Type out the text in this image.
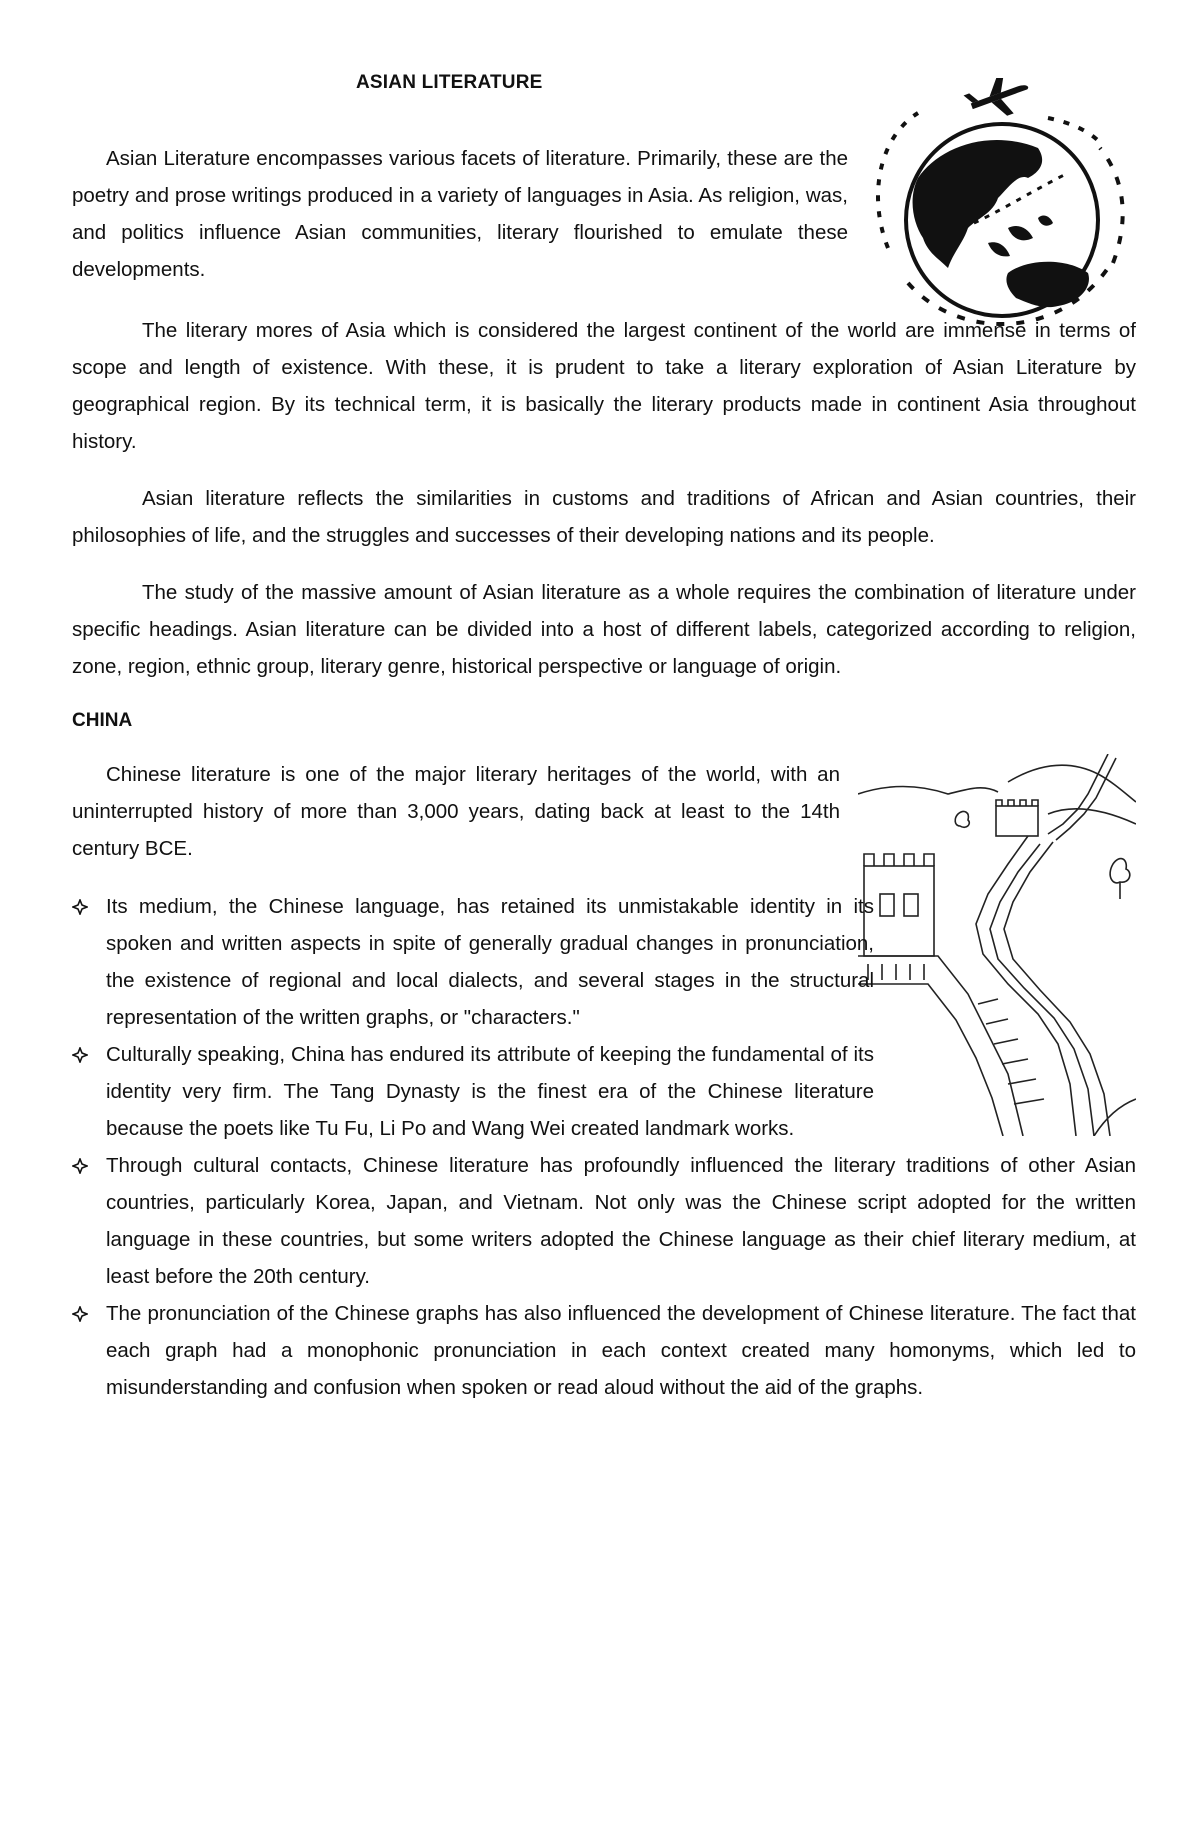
ASIAN LITERATURE

Asian Literature encompasses various facets of literature. Primarily, these are the poetry and prose writings produced in a variety of languages in Asia. As religion, was, and politics influence Asian communities, literary flourished to emulate these developments.

The literary mores of Asia which is considered the largest continent of the world are immense in terms of scope and length of existence. With these, it is prudent to take a literary exploration of Asian Literature by geographical region. By its technical term, it is basically the literary products made in continent Asia throughout history.

Asian literature reflects the similarities in customs and traditions of African and Asian countries, their philosophies of life, and the struggles and successes of their developing nations and its people.

The study of the massive amount of Asian literature as a whole requires the combination of literature under specific headings. Asian literature can be divided into a host of different labels, categorized according to religion, zone, region, ethnic group, literary genre, historical perspective or language of origin.

CHINA

Chinese literature is one of the major literary heritages of the world, with an uninterrupted history of more than 3,000 years, dating back at least to the 14th century BCE.

Its medium, the Chinese language, has retained its unmistakable identity in its spoken and written aspects in spite of generally gradual changes in pronunciation, the existence of regional and local dialects, and several stages in the structural representation of the written graphs, or "characters."

Culturally speaking, China has endured its attribute of keeping the fundamental of its identity very firm. The Tang Dynasty is the finest era of the Chinese literature because the poets like Tu Fu, Li Po and Wang Wei created landmark works.

Through cultural contacts, Chinese literature has profoundly influenced the literary traditions of other Asian countries, particularly Korea, Japan, and Vietnam. Not only was the Chinese script adopted for the written language in these countries, but some writers adopted the Chinese language as their chief literary medium, at least before the 20th century.

The pronunciation of the Chinese graphs has also influenced the development of Chinese literature. The fact that each graph had a monophonic pronunciation in each context created many homonyms, which led to misunderstanding and confusion when spoken or read aloud without the aid of the graphs.
